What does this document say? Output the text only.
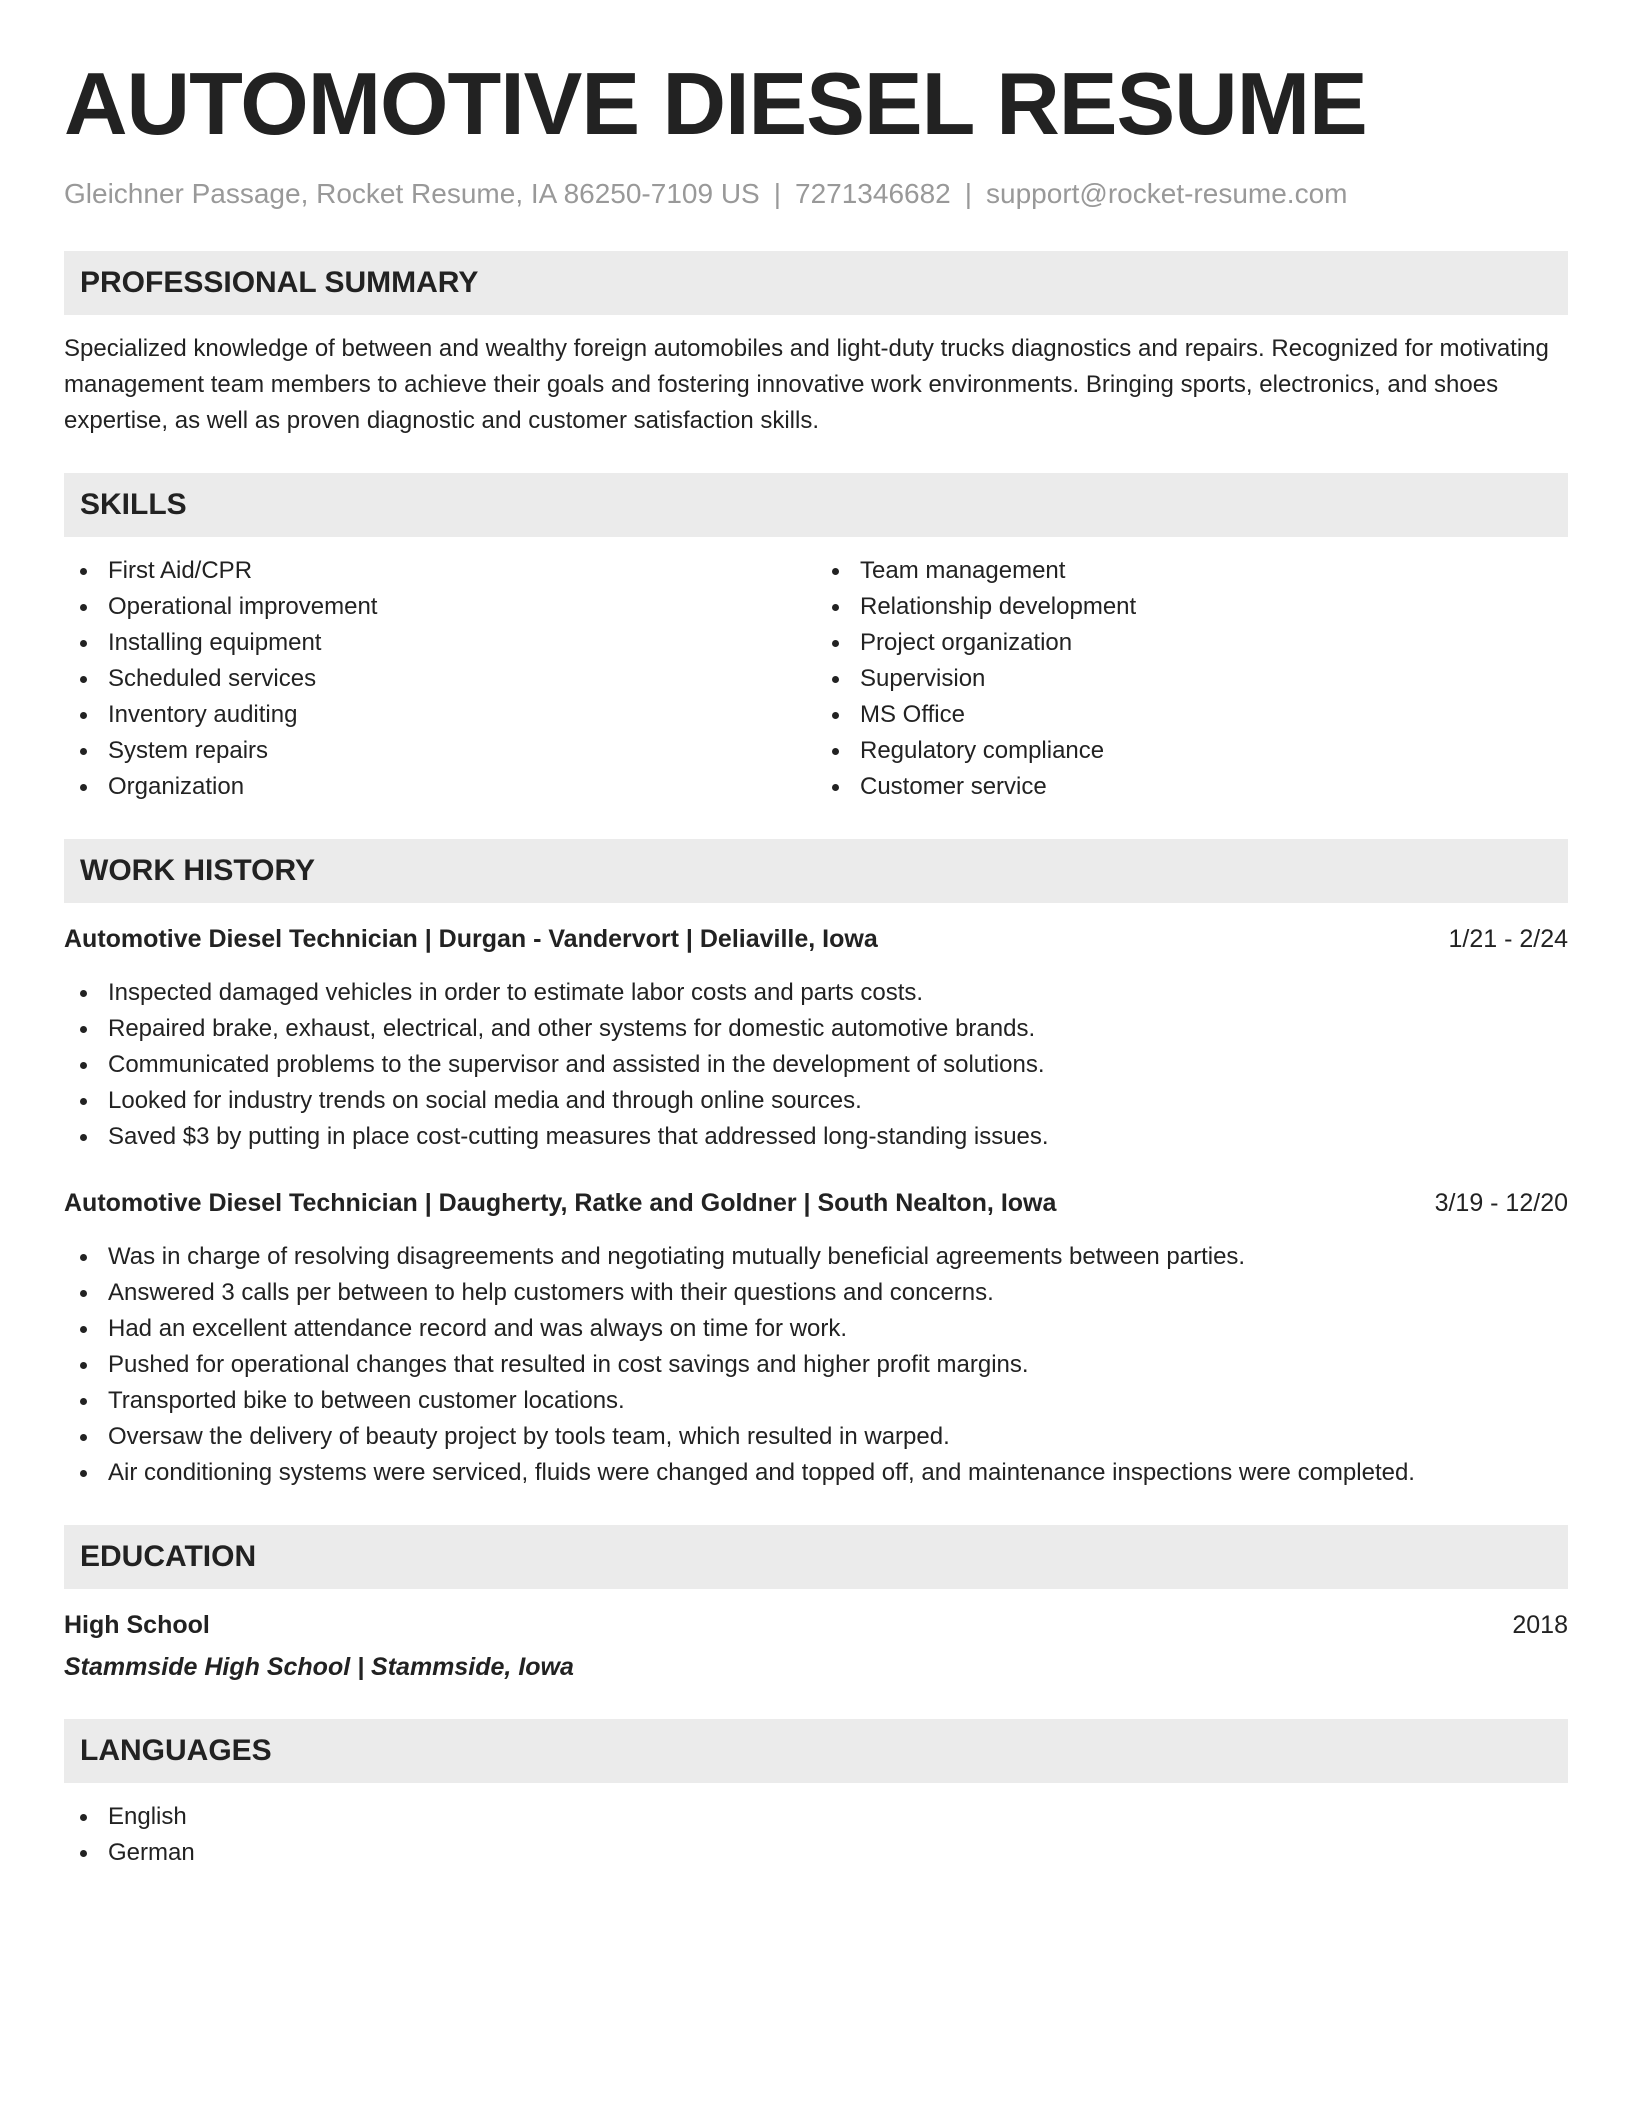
AUTOMOTIVE DIESEL RESUME
Gleichner Passage, Rocket Resume, IA 86250-7109 US | 7271346682 | support@rocket-resume.com
PROFESSIONAL SUMMARY
Specialized knowledge of between and wealthy foreign automobiles and light-duty trucks diagnostics and repairs. Recognized for motivating management team members to achieve their goals and fostering innovative work environments. Bringing sports, electronics, and shoes expertise, as well as proven diagnostic and customer satisfaction skills.
SKILLS
First Aid/CPR
Operational improvement
Installing equipment
Scheduled services
Inventory auditing
System repairs
Organization
Team management
Relationship development
Project organization
Supervision
MS Office
Regulatory compliance
Customer service
WORK HISTORY
Automotive Diesel Technician | Durgan - Vandervort | Deliaville, Iowa	1/21 - 2/24
Inspected damaged vehicles in order to estimate labor costs and parts costs.
Repaired brake, exhaust, electrical, and other systems for domestic automotive brands.
Communicated problems to the supervisor and assisted in the development of solutions.
Looked for industry trends on social media and through online sources.
Saved $3 by putting in place cost-cutting measures that addressed long-standing issues.
Automotive Diesel Technician | Daugherty, Ratke and Goldner | South Nealton, Iowa	3/19 - 12/20
Was in charge of resolving disagreements and negotiating mutually beneficial agreements between parties.
Answered 3 calls per between to help customers with their questions and concerns.
Had an excellent attendance record and was always on time for work.
Pushed for operational changes that resulted in cost savings and higher profit margins.
Transported bike to between customer locations.
Oversaw the delivery of beauty project by tools team, which resulted in warped.
Air conditioning systems were serviced, fluids were changed and topped off, and maintenance inspections were completed.
EDUCATION
High School	2018
Stammside High School | Stammside, Iowa
LANGUAGES
English
German
